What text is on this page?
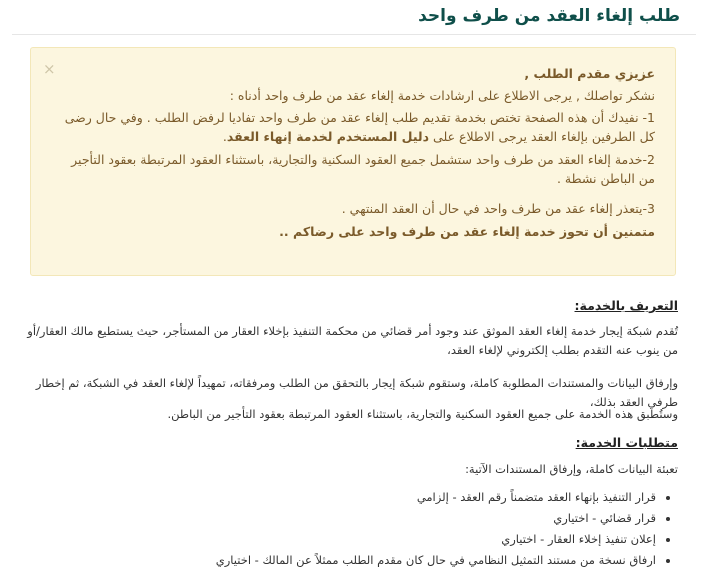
طلب إلغاء العقد من طرف واحد
×	عزيزي مقدم الطلب ,

نشكر تواصلك , يرجى الاطلاع على ارشادات خدمة إلغاء عقد من طرف واحد أدناه :

1- نفيدك أن هذه الصفحة تختص بخدمة تقديم طلب إلغاء عقد من طرف واحد تفاديا لرفض الطلب . وفي حال رضى كل الطرفين بإلغاء العقد يرجى الاطلاع على دليل المستخدم لخدمة إنهاء العقد.

2-خدمة إلغاء العقد من طرف واحد ستشمل جميع العقود السكنية والتجارية، باستثناء العقود المرتبطة بعقود التأجير من الباطن نشطة .

3-يتعذر إلغاء عقد من طرف واحد في حال أن العقد المنتهي .

متمنين أن تحوز خدمة إلغاء عقد من طرف واحد على رضاكم ..

التعريف بالخدمة:
تُقدم شبكة إيجار خدمة إلغاء العقد الموثق عند وجود أمر قضائي من محكمة التنفيذ بإخلاء العقار من المستأجر، حيث يستطيع مالك العقار/أو من ينوب عنه التقدم بطلب إلكتروني لإلغاء العقد،
وإرفاق البيانات والمستندات المطلوبة كاملة، وستقوم شبكة إيجار بالتحقق من الطلب ومرفقاته، تمهيداً لإلغاء العقد في الشبكة، ثم إخطار طرفي العقد بذلك،
وستُطبق هذه الخدمة على جميع العقود السكنية والتجارية، باستثناء العقود المرتبطة بعقود التأجير من الباطن.
متطلبات الخدمة:
تعبئة البيانات كاملة، وإرفاق المستندات الآتية:
• قرار التنفيذ بإنهاء العقد متضمناً رقم العقد - إلزامي
• قرار قضائي - اختياري
• إعلان تنفيذ إخلاء العقار - اختياري
• ارفاق نسخة من مستند التمثيل النظامي في حال كان مقدم الطلب ممثلاً عن المالك - اختياري
